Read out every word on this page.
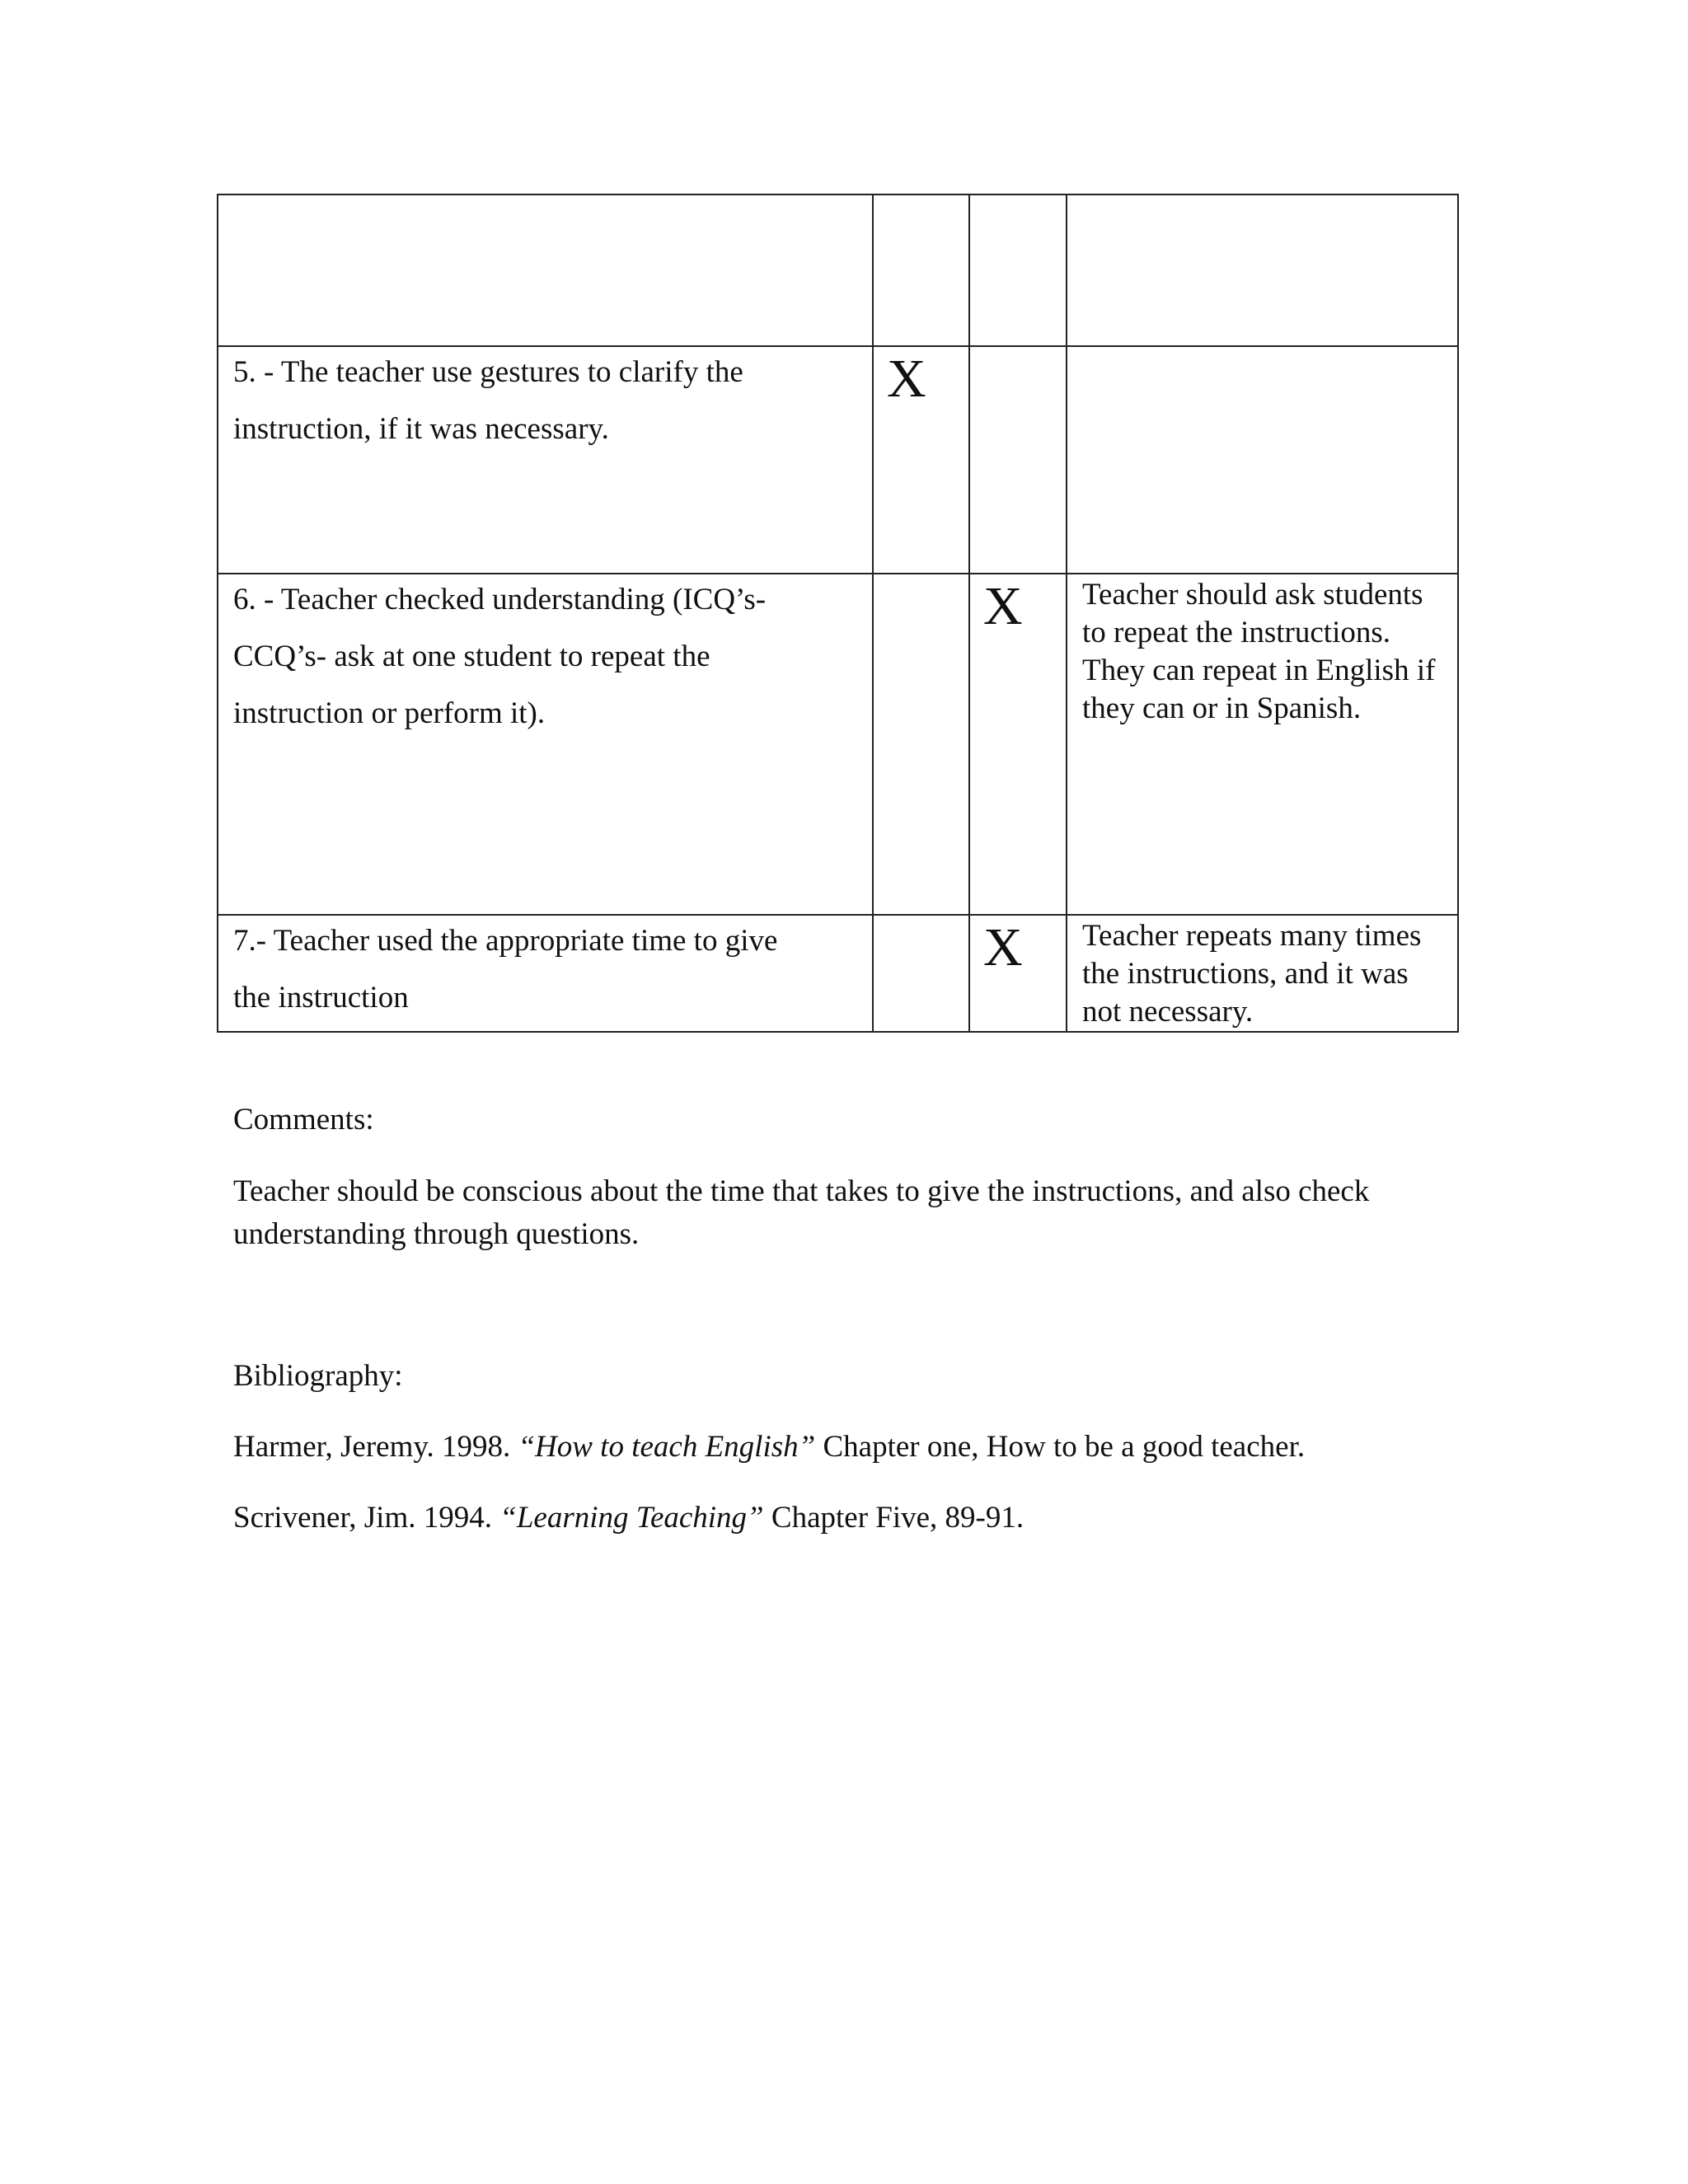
5. - The teacher use gestures to clarify the
instruction, if it was necessary.	X		

6. - Teacher checked understanding (ICQ’s-
CCQ’s- ask at one student to repeat the
instruction or perform it).		X	Teacher should ask students to repeat the instructions. They can repeat in English if they can or in Spanish.

7.- Teacher used the appropriate time to give
the instruction		X	Teacher repeats many times the instructions, and it was not necessary.

Comments:

Teacher should be conscious about the time that takes to give the instructions, and also check understanding through questions.

Bibliography:

Harmer, Jeremy. 1998. “How to teach English” Chapter one, How to be a good teacher.

Scrivener, Jim. 1994. “Learning Teaching” Chapter Five, 89-91.
